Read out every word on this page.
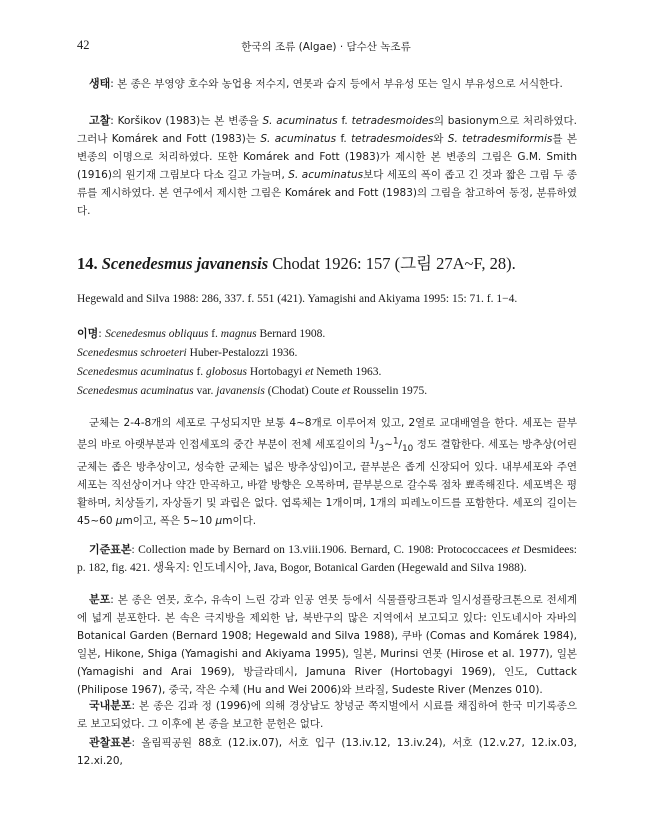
42	한국의 조류 (Algae) · 담수산 녹조류
생태: 본 종은 부영양 호수와 농업용 저수지, 연못과 습지 등에서 부유성 또는 일시 부유성으로 서식한다.
고찰: Koršikov (1983)는 본 변종을 S. acuminatus f. tetradesmoides의 basionym으로 처리하였다. 그러나 Komárek and Fott (1983)는 S. acuminatus f. tetradesmoides와 S. tetradesmiformis를 본 변종의 이명으로 처리하였다. 또한 Komárek and Fott (1983)가 제시한 본 변종의 그림은 G.M. Smith (1916)의 원기재 그림보다 다소 길고 가늘며, S. acuminatus보다 세포의 폭이 좁고 긴 것과 짧은 그림 두 종류를 제시하였다. 본 연구에서 제시한 그림은 Komárek and Fott (1983)의 그림을 참고하여 동정, 분류하였다.
14. Scenedesmus javanensis Chodat 1926: 157 (그림 27A~F, 28).
Hegewald and Silva 1988: 286, 337. f. 551 (421). Yamagishi and Akiyama 1995: 15: 71. f. 1−4.
이명: Scenedesmus obliquus f. magnus Bernard 1908.
Scenedesmus schroeteri Huber-Pestalozzi 1936.
Scenedesmus acuminatus f. globosus Hortobagyi et Nemeth 1963.
Scenedesmus acuminatus var. javanensis (Chodat) Coute et Rousselin 1975.
군체는 2-4-8개의 세포로 구성되지만 보통 4~8개로 이루어져 있고, 2열로 교대배열을 한다. 세포는 끝부분의 바로 아랫부분과 인접세포의 중간 부분이 전체 세포길이의 $^1/_3\sim^1/_{10}$ 정도 결합한다. 세포는 방추상(어린 군체는 좁은 방추상이고, 성숙한 군체는 넓은 방추상임)이고, 끝부분은 좁게 신장되어 있다. 내부세포와 주연세포는 직선상이거나 약간 만곡하고, 바깥 방향은 오목하며, 끝부분으로 갈수록 점차 뾰족해진다. 세포벽은 평활하며, 치상돌기, 자상돌기 및 과립은 없다. 엽록체는 1개이며, 1개의 피레노이드를 포함한다. 세포의 길이는 45~60 μm이고, 폭은 5~10 μm이다.
기준표본: Collection made by Bernard on 13.viii.1906. Bernard, C. 1908: Protococcacees et Desmidees: p. 182, fig. 421. 생육지: 인도네시아, Java, Bogor, Botanical Garden (Hegewald and Silva 1988).
분포: 본 종은 연못, 호수, 유속이 느린 강과 인공 연못 등에서 식물플랑크톤과 일시성플랑크톤으로 전세계에 넓게 분포한다. 본 속은 극지방을 제외한 남, 북반구의 많은 지역에서 보고되고 있다: 인도네시아 자바의 Botanical Garden (Bernard 1908; Hegewald and Silva 1988), 쿠바 (Comas and Komárek 1984), 일본, Hikone, Shiga (Yamagishi and Akiyama 1995), 일본, Murinsi 연못 (Hirose et al. 1977), 일본 (Yamagishi and Arai 1969), 방글라데시, Jamuna River (Hortobagyi 1969), 인도, Cuttack (Philipose 1967), 중국, 작은 수체 (Hu and Wei 2006)와 브라질, Sudeste River (Menzes 010).
국내분포: 본 종은 김과 정 (1996)에 의해 경상남도 창녕군 쪽지벌에서 시료를 채집하여 한국 미기록종으로 보고되었다. 그 이후에 본 종을 보고한 문헌은 없다.
관찰표본: 올림픽공원 88호 (12.ix.07), 서호 입구 (13.iv.12, 13.iv.24), 서호 (12.v.27, 12.ix.03, 12.xi.20,
